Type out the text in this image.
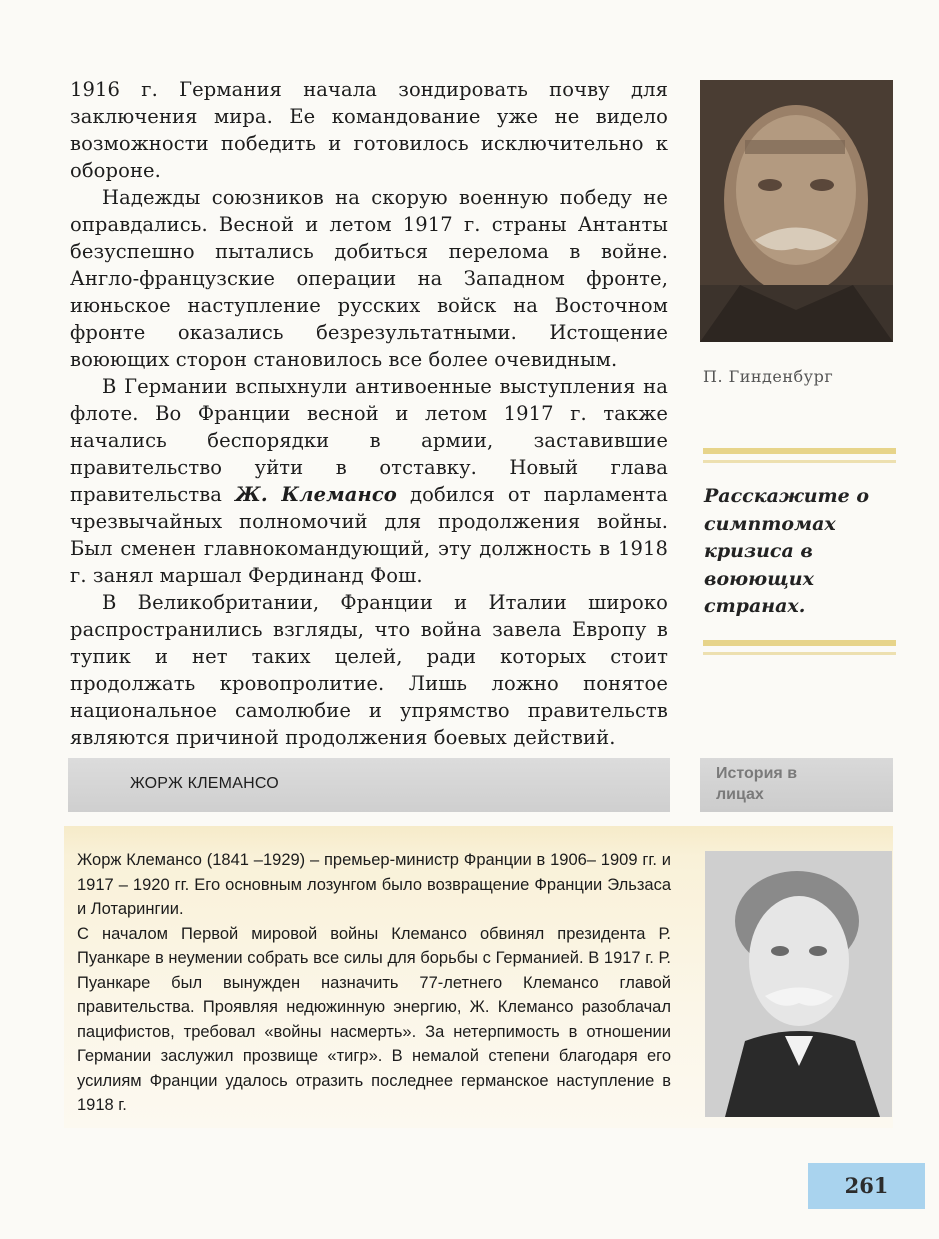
1916 г. Германия начала зондировать почву для заключения мира. Ее командование уже не видело возможности победить и готовилось исключительно к обороне.

Надежды союзников на скорую военную победу не оправдались. Весной и летом 1917 г. страны Антанты безуспешно пытались добиться перелома в войне. Англо-французские операции на Западном фронте, июньское наступление русских войск на Восточном фронте оказались безрезультатными. Истощение воюющих сторон становилось все более очевидным.

В Германии вспыхнули антивоенные выступления на флоте. Во Франции весной и летом 1917 г. также начались беспорядки в армии, заставившие правительство уйти в отставку. Новый глава правительства Ж. Клемансо добился от парламента чрезвычайных полномочий для продолжения войны. Был сменен главнокомандующий, эту должность в 1918 г. занял маршал Фердинанд Фош.

В Великобритании, Франции и Италии широко распространились взгляды, что война завела Европу в тупик и нет таких целей, ради которых стоит продолжать кровопролитие. Лишь ложно понятое национальное самолюбие и упрямство правительств являются причиной продолжения боевых действий.

П. Гинденбург
Расскажите о симптомах кризиса в воюющих странах.
ЖОРЖ КЛЕМАНСО
История в лицах

Жорж Клемансо (1841 –1929) – премьер-министр Франции в 1906– 1909 гг. и 1917 – 1920 гг. Его основным лозунгом было возвращение Франции Эльзаса и Лотарингии.

С началом Первой мировой войны Клемансо обвинял президента Р. Пуанкаре в неумении собрать все силы для борьбы с Германией. В 1917 г. Р. Пуанкаре был вынужден назначить 77-летнего Клемансо главой правительства. Проявляя недюжинную энергию, Ж. Клемансо разоблачал пацифистов, требовал «войны насмерть». За нетерпимость в отношении Германии заслужил прозвище «тигр». В немалой степени благодаря его усилиям Франции удалось отразить последнее германское наступление в 1918 г.

261
